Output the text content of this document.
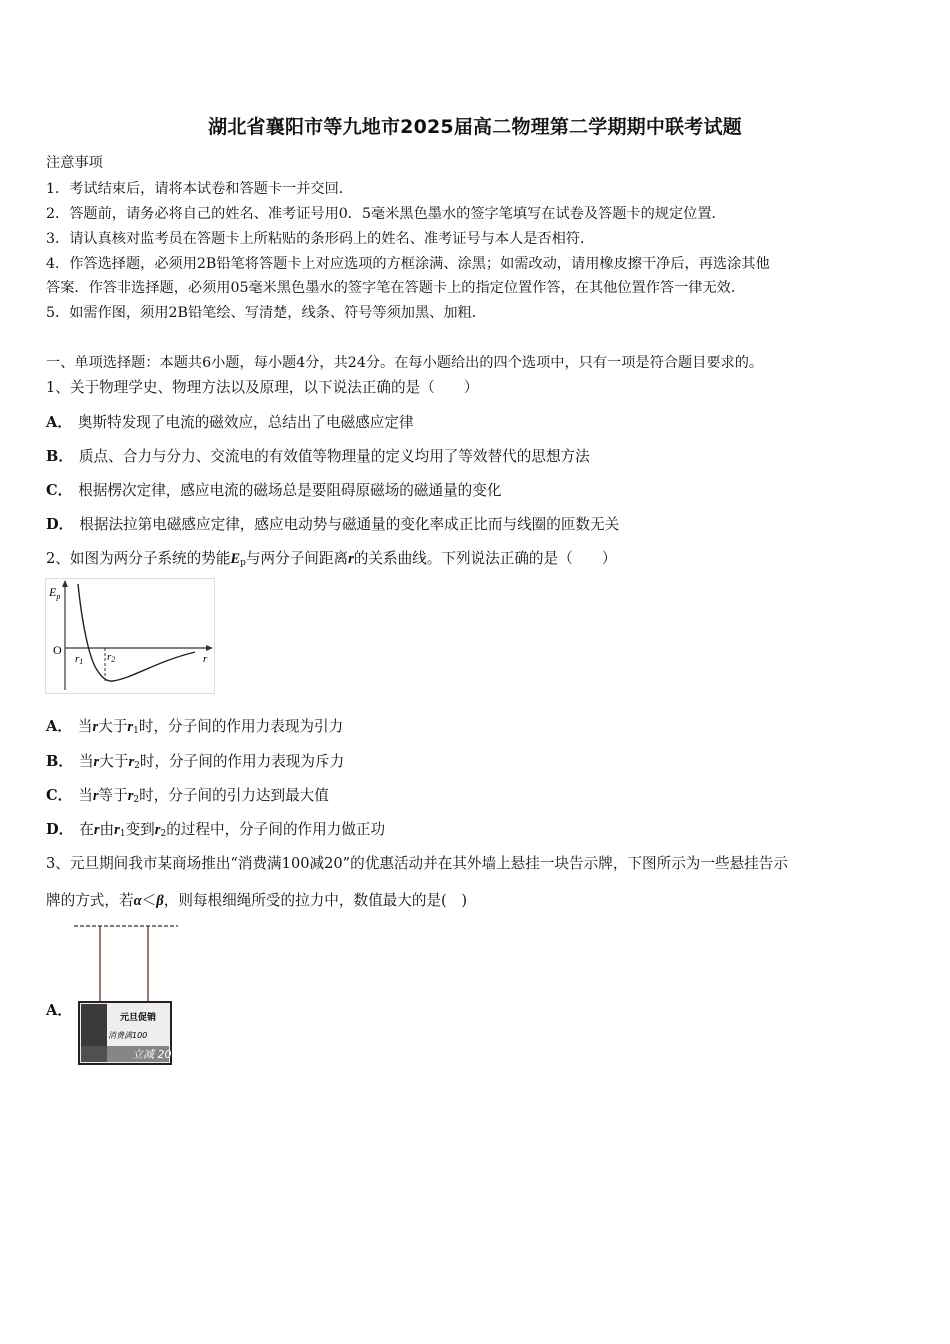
湖北省襄阳市等九地市2025届高二物理第二学期期中联考试题
注意事项
1．考试结束后，请将本试卷和答题卡一并交回．
2．答题前，请务必将自己的姓名、准考证号用0．5毫米黑色墨水的签字笔填写在试卷及答题卡的规定位置．
3．请认真核对监考员在答题卡上所粘贴的条形码上的姓名、准考证号与本人是否相符．
4．作答选择题，必须用2B铅笔将答题卡上对应选项的方框涂满、涂黑；如需改动，请用橡皮擦干净后，再选涂其他
答案．作答非选择题，必须用05毫米黑色墨水的签字笔在答题卡上的指定位置作答，在其他位置作答一律无效．
5．如需作图，须用2B铅笔绘、写清楚，线条、符号等须加黑、加粗．
一、单项选择题：本题共6小题，每小题4分，共24分。在每小题给出的四个选项中，只有一项是符合题目要求的。
1、关于物理学史、物理方法以及原理，以下说法正确的是（　　）
A． 奥斯特发现了电流的磁效应，总结出了电磁感应定律
B． 质点、合力与分力、交流电的有效值等物理量的定义均用了等效替代的思想方法
C． 根据楞次定律，感应电流的磁场总是要阻碍原磁场的磁通量的变化
D． 根据法拉第电磁感应定律，感应电动势与磁通量的变化率成正比而与线圈的匝数无关
2、如图为两分子系统的势能$E_p$与两分子间距离r的关系曲线。下列说法正确的是（　　）
$E_p$
O
r1 r2	r
A． 当r大于$r_1$时，分子间的作用力表现为引力
B． 当r大于$r_2$时，分子间的作用力表现为斥力
C． 当r等于$r_2$时，分子间的引力达到最大值
D． 在r由$r_1$变到$r_2$的过程中，分子间的作用力做正功
3、元旦期间我市某商场推出“消费满100减20”的优惠活动并在其外墙上悬挂一块告示牌，下图所示为一些悬挂告示
牌的方式，若α＜β，则每根细绳所受的拉力中，数值最大的是(　)
A．	元旦促销
消费满100
立减 20
